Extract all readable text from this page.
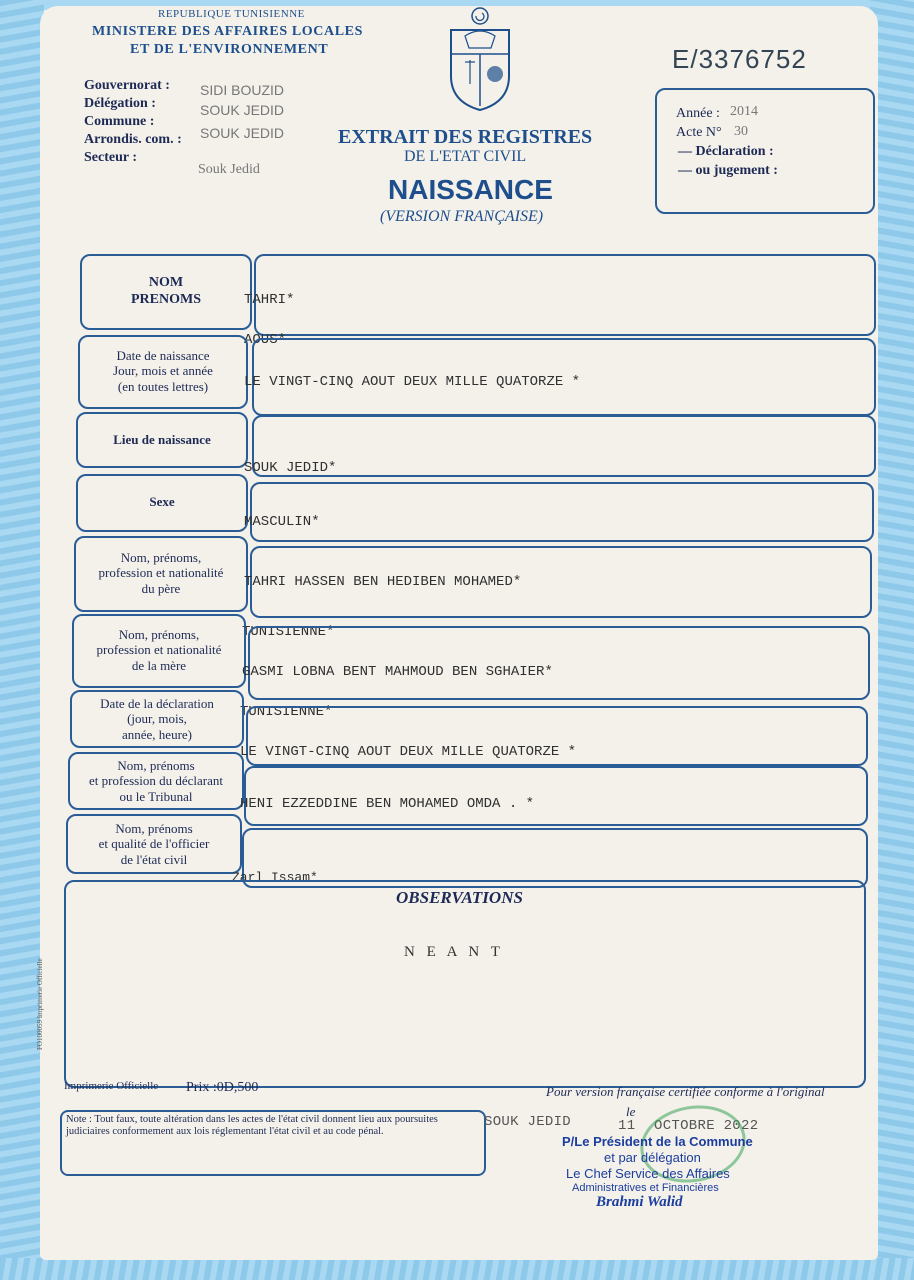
REPUBLIQUE TUNISIENNE
MINISTERE DES AFFAIRES LOCALES
ET DE L'ENVIRONNEMENT
Gouvernorat : SIDI BOUZID
Délégation :	SOUK JEDID
Commune :
Arrondis. com. : SOUK JEDID
Secteur :
Souk Jedid
E/3376752
EXTRAIT DES REGISTRES
DE L'ETAT CIVIL
NAISSANCE
(VERSION FRANÇAISE)
Année : 2014
Acte N° 30
— Déclaration :
— ou jugement :
NOM
PRENOMS	TAHRI*
AOUS*
Date de naissance
Jour, mois et année
(en toutes lettres)	LE VINGT-CINQ AOUT DEUX MILLE QUATORZE *
Lieu de naissance
SOUK JEDID*
Sexe
MASCULIN*
Nom, prénoms,
profession et nationalité
du père	TAHRI HASSEN BEN HEDIBEN MOHAMED*
TUNISIENNE*
Nom, prénoms,
profession et nationalité
de la mère	GASMI LOBNA BENT MAHMOUD BEN SGHAIER*
TUNISIENNE*
Date de la déclaration
(jour, mois,
année, heure)
LE VINGT-CINQ AOUT DEUX MILLE QUATORZE *
Nom, prénoms
et profession du déclarant
ou le Tribunal	HENI EZZEDDINE BEN MOHAMED OMDA . *
Nom, prénoms
et qualité de l'officier
de l'état civil
Zarl Issam*
OBSERVATIONS
N E A N T
FO100059 Imprimerie Officielle
Imprimerie Officielle Prix :0D,500	Pour version française certifiée conforme à l'original
Note : Tout faux, toute altération dans les actes de l'état civil donnent lieu aux poursuites judiciaires conformement aux lois réglementant l'état civil et au code pénal.
le
SOUK JEDID	11 OCTOBRE 2022
P/Le Président de la Commune
et par délégation
Le Chef Service des Affaires
Administratives et Financières
Brahmi Walid
